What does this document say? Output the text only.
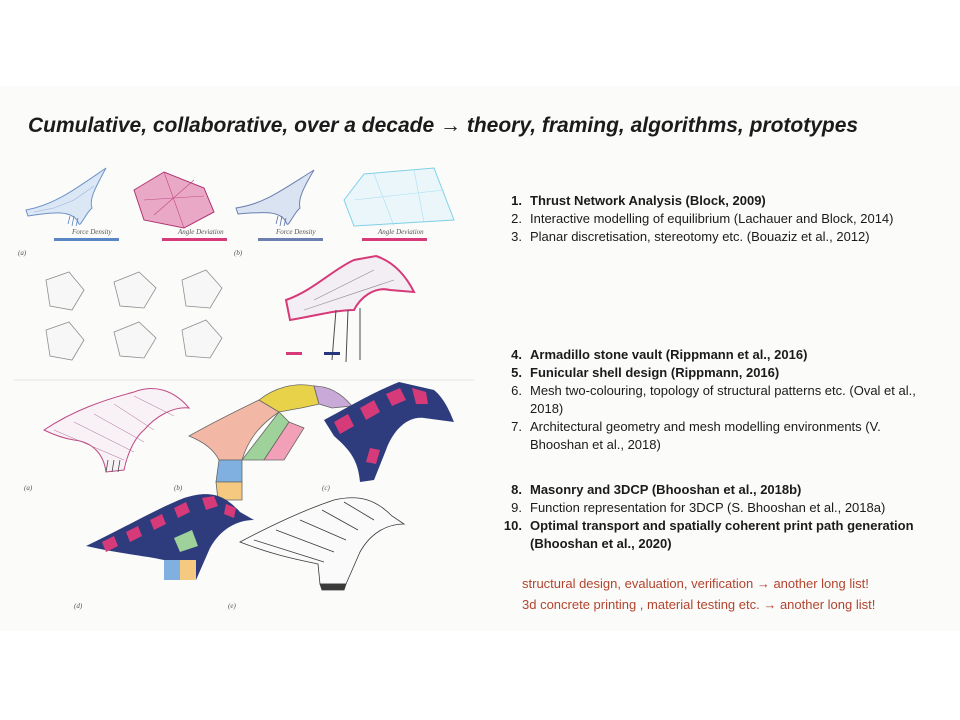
Cumulative, collaborative, over a decade → theory, framing, algorithms, prototypes
Force Density	Angle Deviation	Force Density	Angle Deviation
(a)	(b)
(a)	(b)	(c)
(d)	(e)
1. Thrust Network Analysis (Block, 2009)
2. Interactive modelling of equilibrium (Lachauer and Block, 2014)
3. Planar discretisation, stereotomy etc. (Bouaziz et al., 2012)
4. Armadillo stone vault (Rippmann et al., 2016)
5. Funicular shell design (Rippmann, 2016)
6. Mesh two-colouring, topology of structural patterns etc. (Oval et al., 2018)
7. Architectural geometry and mesh modelling environments (V. Bhooshan et al., 2018)
8. Masonry and 3DCP (Bhooshan et al., 2018b)
9. Function representation for 3DCP (S. Bhooshan et al., 2018a)
10. Optimal transport and spatially coherent print path generation (Bhooshan et al., 2020)
structural design, evaluation, verification → another long list!
3d concrete printing , material testing etc. → another long list!
